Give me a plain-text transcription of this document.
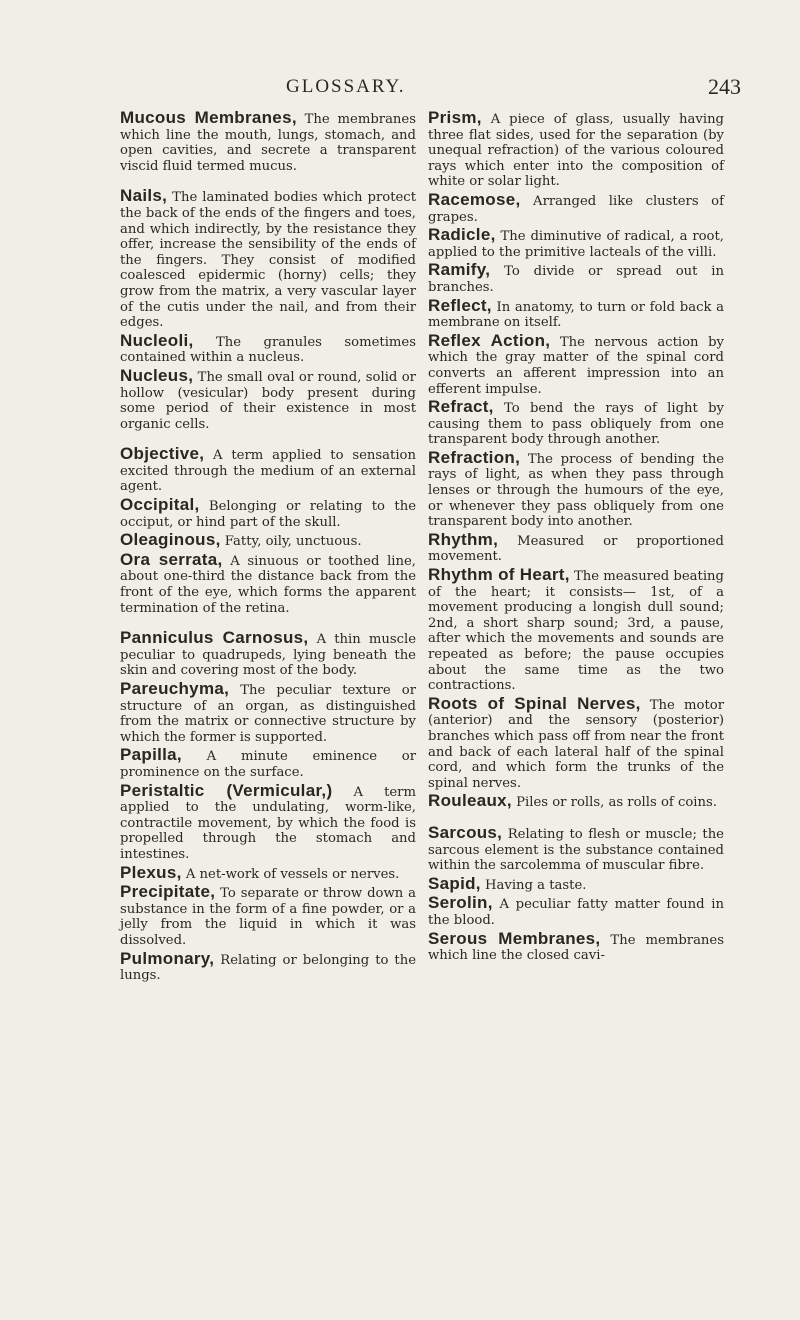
GLOSSARY.	243

Mucous Membranes, The membranes which line the mouth, lungs, stomach, and open cavities, and secrete a transparent viscid fluid termed mucus.

Nails, The laminated bodies which protect the back of the ends of the fingers and toes, and which indirectly, by the resistance they offer, increase the sensibility of the ends of the fingers. They consist of modified coalesced epidermic (horny) cells; they grow from the matrix, a very vascular layer of the cutis under the nail, and from their edges.

Nucleoli, The granules sometimes contained within a nucleus.

Nucleus, The small oval or round, solid or hollow (vesicular) body present during some period of their existence in most organic cells.

Objective, A term applied to sensation excited through the medium of an external agent.

Occipital, Belonging or relating to the occiput, or hind part of the skull.

Oleaginous, Fatty, oily, unctuous.

Ora serrata, A sinuous or toothed line, about one-third the distance back from the front of the eye, which forms the apparent termination of the retina.

Panniculus Carnosus, A thin muscle peculiar to quadrupeds, lying beneath the skin and covering most of the body.

Pareuchyma, The peculiar texture or structure of an organ, as distinguished from the matrix or connective structure by which the former is supported.

Papilla, A minute eminence or prominence on the surface.

Peristaltic (Vermicular,) A term applied to the undulating, worm-like, contractile movement, by which the food is propelled through the stomach and intestines.

Plexus, A net-work of vessels or nerves.

Precipitate, To separate or throw down a substance in the form of a fine powder, or a jelly from the liquid in which it was dissolved.

Pulmonary, Relating or belonging to the lungs.

Prism, A piece of glass, usually having three flat sides, used for the separation (by unequal refraction) of the various coloured rays which enter into the composition of white or solar light.

Racemose, Arranged like clusters of grapes.

Radicle, The diminutive of radical, a root, applied to the primitive lacteals of the villi.

Ramify, To divide or spread out in branches.

Reflect, In anatomy, to turn or fold back a membrane on itself.

Reflex Action, The nervous action by which the gray matter of the spinal cord converts an afferent impression into an efferent impulse.

Refract, To bend the rays of light by causing them to pass obliquely from one transparent body through another.

Refraction, The process of bending the rays of light, as when they pass through lenses or through the humours of the eye, or whenever they pass obliquely from one transparent body into another.

Rhythm, Measured or proportioned movement.

Rhythm of Heart, The measured beating of the heart; it consists— 1st, of a movement producing a longish dull sound; 2nd, a short sharp sound; 3rd, a pause, after which the movements and sounds are repeated as before; the pause occupies about the same time as the two contractions.

Roots of Spinal Nerves, The motor (anterior) and the sensory (posterior) branches which pass off from near the front and back of each lateral half of the spinal cord, and which form the trunks of the spinal nerves.

Rouleaux, Piles or rolls, as rolls of coins.

Sarcous, Relating to flesh or muscle; the sarcous element is the substance contained within the sarcolemma of muscular fibre.

Sapid, Having a taste.

Serolin, A peculiar fatty matter found in the blood.

Serous Membranes, The membranes which line the closed cavi-
